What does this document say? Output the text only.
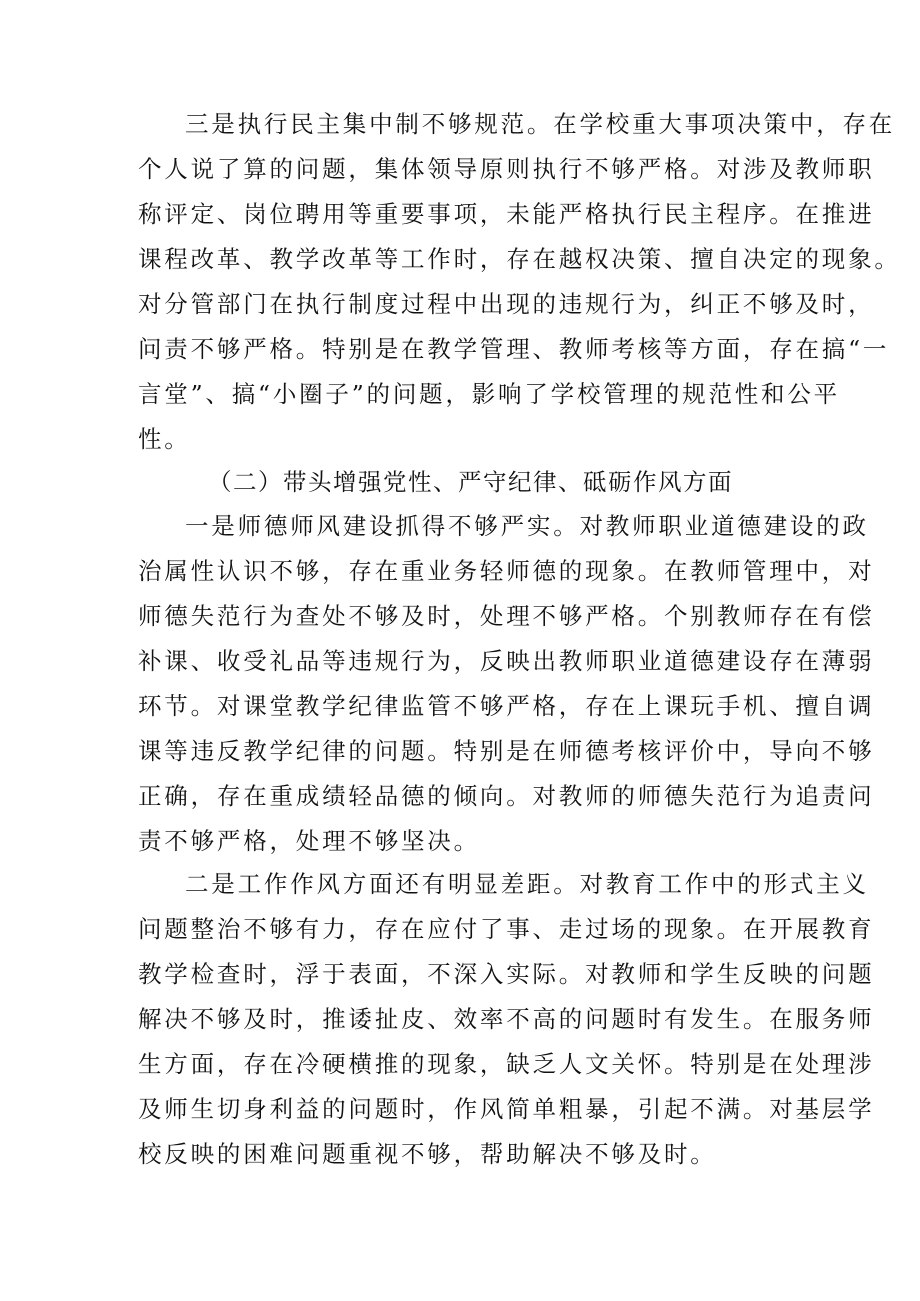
三是执行民主集中制不够规范。在学校重大事项决策中，存在
个人说了算的问题，集体领导原则执行不够严格。对涉及教师职
称评定、岗位聘用等重要事项，未能严格执行民主程序。在推进
课程改革、教学改革等工作时，存在越权决策、擅自决定的现象。
对分管部门在执行制度过程中出现的违规行为，纠正不够及时，
问责不够严格。特别是在教学管理、教师考核等方面，存在搞“一
言堂”、搞“小圈子”的问题，影响了学校管理的规范性和公平
性。
（二）带头增强党性、严守纪律、砥砺作风方面
一是师德师风建设抓得不够严实。对教师职业道德建设的政
治属性认识不够，存在重业务轻师德的现象。在教师管理中，对
师德失范行为查处不够及时，处理不够严格。个别教师存在有偿
补课、收受礼品等违规行为，反映出教师职业道德建设存在薄弱
环节。对课堂教学纪律监管不够严格，存在上课玩手机、擅自调
课等违反教学纪律的问题。特别是在师德考核评价中，导向不够
正确，存在重成绩轻品德的倾向。对教师的师德失范行为追责问
责不够严格，处理不够坚决。
二是工作作风方面还有明显差距。对教育工作中的形式主义
问题整治不够有力，存在应付了事、走过场的现象。在开展教育
教学检查时，浮于表面，不深入实际。对教师和学生反映的问题
解决不够及时，推诿扯皮、效率不高的问题时有发生。在服务师
生方面，存在冷硬横推的现象，缺乏人文关怀。特别是在处理涉
及师生切身利益的问题时，作风简单粗暴，引起不满。对基层学
校反映的困难问题重视不够，帮助解决不够及时。
